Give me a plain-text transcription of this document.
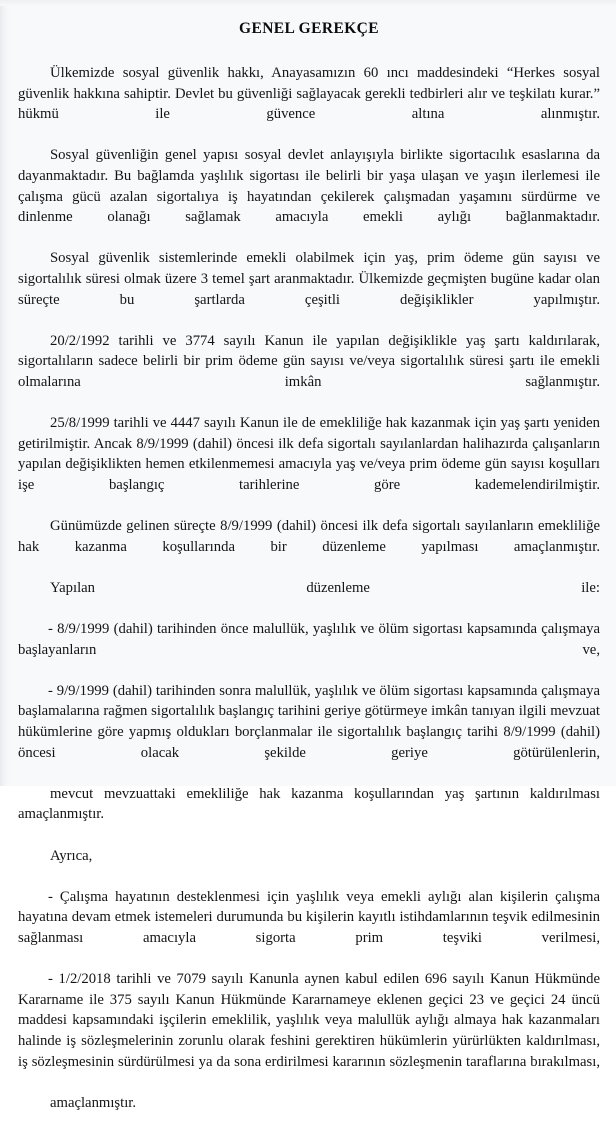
GENEL GEREKÇE

Ülkemizde sosyal güvenlik hakkı, Anayasamızın 60 ıncı maddesindeki “Herkes sosyal güvenlik hakkına sahiptir. Devlet bu güvenliği sağlayacak gerekli tedbirleri alır ve teşkilatı kurar.” hükmü ile güvence altına alınmıştır.

Sosyal güvenliğin genel yapısı sosyal devlet anlayışıyla birlikte sigortacılık esaslarına da dayanmaktadır. Bu bağlamda yaşlılık sigortası ile belirli bir yaşa ulaşan ve yaşın ilerlemesi ile çalışma gücü azalan sigortalıya iş hayatından çekilerek çalışmadan yaşamını sürdürme ve dinlenme olanağı sağlamak amacıyla emekli aylığı bağlanmaktadır.

Sosyal güvenlik sistemlerinde emekli olabilmek için yaş, prim ödeme gün sayısı ve sigortalılık süresi olmak üzere 3 temel şart aranmaktadır. Ülkemizde geçmişten bugüne kadar olan süreçte bu şartlarda çeşitli değişiklikler yapılmıştır.

20/2/1992 tarihli ve 3774 sayılı Kanun ile yapılan değişiklikle yaş şartı kaldırılarak, sigortalıların sadece belirli bir prim ödeme gün sayısı ve/veya sigortalılık süresi şartı ile emekli olmalarına imkân sağlanmıştır.

25/8/1999 tarihli ve 4447 sayılı Kanun ile de emekliliğe hak kazanmak için yaş şartı yeniden getirilmiştir. Ancak 8/9/1999 (dahil) öncesi ilk defa sigortalı sayılanlardan halihazırda çalışanların yapılan değişiklikten hemen etkilenmemesi amacıyla yaş ve/veya prim ödeme gün sayısı koşulları işe başlangıç tarihlerine göre kademelendirilmiştir.

Günümüzde gelinen süreçte 8/9/1999 (dahil) öncesi ilk defa sigortalı sayılanların emekliliğe hak kazanma koşullarında bir düzenleme yapılması amaçlanmıştır.

Yapılan düzenleme ile:

- 8/9/1999 (dahil) tarihinden önce malullük, yaşlılık ve ölüm sigortası kapsamında çalışmaya başlayanların ve,

- 9/9/1999 (dahil) tarihinden sonra malullük, yaşlılık ve ölüm sigortası kapsamında çalışmaya başlamalarına rağmen sigortalılık başlangıç tarihini geriye götürmeye imkân tanıyan ilgili mevzuat hükümlerine göre yapmış oldukları borçlanmalar ile sigortalılık başlangıç tarihi 8/9/1999 (dahil) öncesi olacak şekilde geriye götürülenlerin,

mevcut mevzuattaki emekliliğe hak kazanma koşullarından yaş şartının kaldırılması amaçlanmıştır.

Ayrıca,

- Çalışma hayatının desteklenmesi için yaşlılık veya emekli aylığı alan kişilerin çalışma hayatına devam etmek istemeleri durumunda bu kişilerin kayıtlı istihdamlarının teşvik edilmesinin sağlanması amacıyla sigorta prim teşviki verilmesi,

- 1/2/2018 tarihli ve 7079 sayılı Kanunla aynen kabul edilen 696 sayılı Kanun Hükmünde Kararname ile 375 sayılı Kanun Hükmünde Kararnameye eklenen geçici 23 ve geçici 24 üncü maddesi kapsamındaki işçilerin emeklilik, yaşlılık veya malullük aylığı almaya hak kazanmaları halinde iş sözleşmelerinin zorunlu olarak feshini gerektiren hükümlerin yürürlükten kaldırılması, iş sözleşmesinin sürdürülmesi ya da sona erdirilmesi kararının sözleşmenin taraflarına bırakılması,

amaçlanmıştır.
